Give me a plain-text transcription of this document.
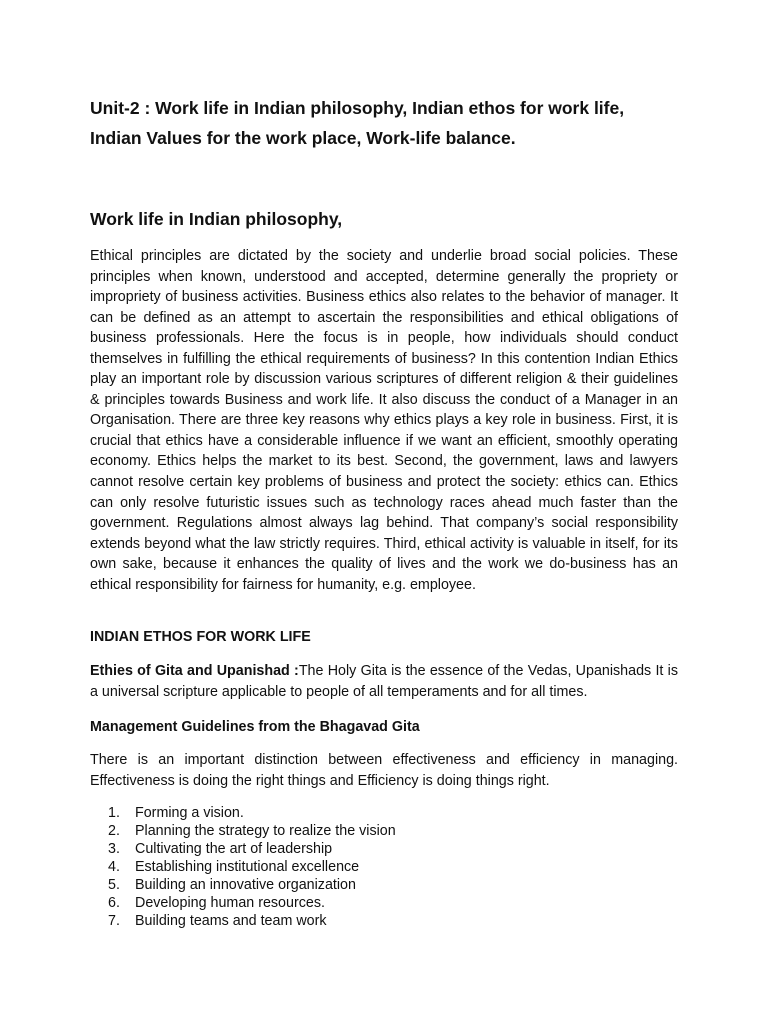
Unit-2 : Work life in Indian philosophy, Indian ethos for work life, Indian Values for the work place, Work-life balance.
Work life in Indian philosophy,

Ethical principles are dictated by the society and underlie broad social policies. These principles when known, understood and accepted, determine generally the propriety or impropriety of business activities. Business ethics also relates to the behavior of manager. It can be defined as an attempt to ascertain the responsibilities and ethical obligations of business professionals. Here the focus is in people, how individuals should conduct themselves in fulfilling the ethical requirements of business? In this contention Indian Ethics play an important role by discussion various scriptures of different religion & their guidelines & principles towards Business and work life. It also discuss the conduct of a Manager in an Organisation. There are three key reasons why ethics plays a key role in business. First, it is crucial that ethics have a considerable influence if we want an efficient, smoothly operating economy. Ethics helps the market to its best. Second, the government, laws and lawyers cannot resolve certain key problems of business and protect the society: ethics can. Ethics can only resolve futuristic issues such as technology races ahead much faster than the government. Regulations almost always lag behind. That company’s social responsibility extends beyond what the law strictly requires. Third, ethical activity is valuable in itself, for its own sake, because it enhances the quality of lives and the work we do-business has an ethical responsibility for fairness for humanity, e.g. employee.

INDIAN ETHOS FOR WORK LIFE

Ethies of Gita and Upanishad :The Holy Gita is the essence of the Vedas, Upanishads It is a universal scripture applicable to people of all temperaments and for all times.

Management Guidelines from the Bhagavad Gita

There is an important distinction between effectiveness and efficiency in managing. Effectiveness is doing the right things and Efficiency is doing things right.

1. Forming a vision.
2. Planning the strategy to realize the vision
3. Cultivating the art of leadership
4. Establishing institutional excellence
5. Building an innovative organization
6. Developing human resources.
7. Building teams and team work
